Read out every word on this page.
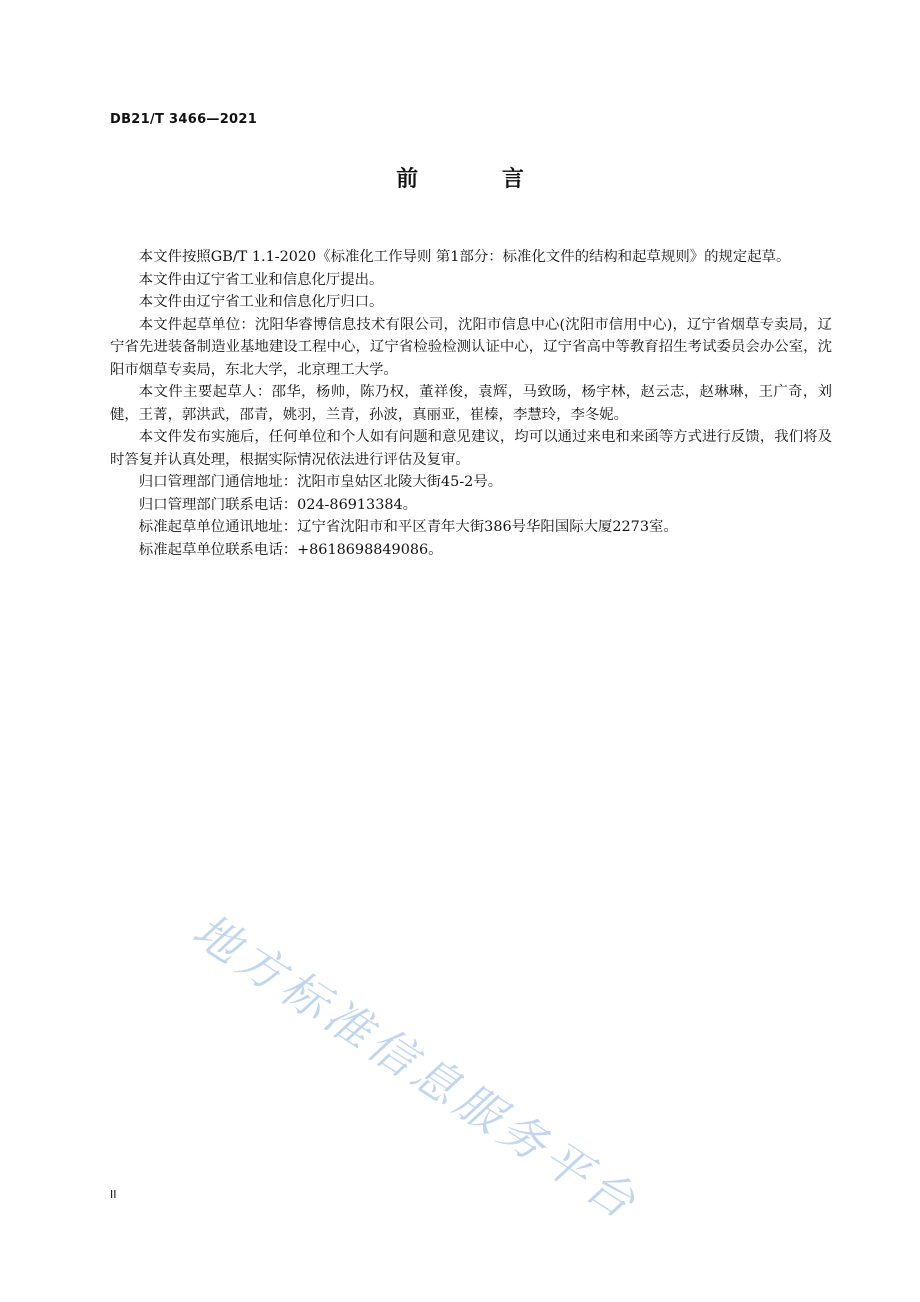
DB21/T 3466—2021
前 言

本文件按照GB/T 1.1-2020《标准化工作导则 第1部分：标准化文件的结构和起草规则》的规定起草。

本文件由辽宁省工业和信息化厅提出。

本文件由辽宁省工业和信息化厅归口。

本文件起草单位：沈阳华睿博信息技术有限公司，沈阳市信息中心(沈阳市信用中心)，辽宁省烟草专卖局，辽宁省先进装备制造业基地建设工程中心，辽宁省检验检测认证中心，辽宁省高中等教育招生考试委员会办公室，沈阳市烟草专卖局，东北大学，北京理工大学。

本文件主要起草人：邵华，杨帅，陈乃权，董祥俊，袁辉，马致旸，杨宇林，赵云志，赵琳琳，王广奇，刘健，王菁，郭洪武，邵青，姚羽，兰青，孙波，真丽亚，崔榛，李慧玲，李冬妮。

本文件发布实施后，任何单位和个人如有问题和意见建议，均可以通过来电和来函等方式进行反馈，我们将及时答复并认真处理，根据实际情况依法进行评估及复审。

归口管理部门通信地址：沈阳市皇姑区北陵大街45-2号。

归口管理部门联系电话：024-86913384。

标准起草单位通讯地址：辽宁省沈阳市和平区青年大街386号华阳国际大厦2273室。

标准起草单位联系电话：+8618698849086。

地方标准信息服务平台
II
